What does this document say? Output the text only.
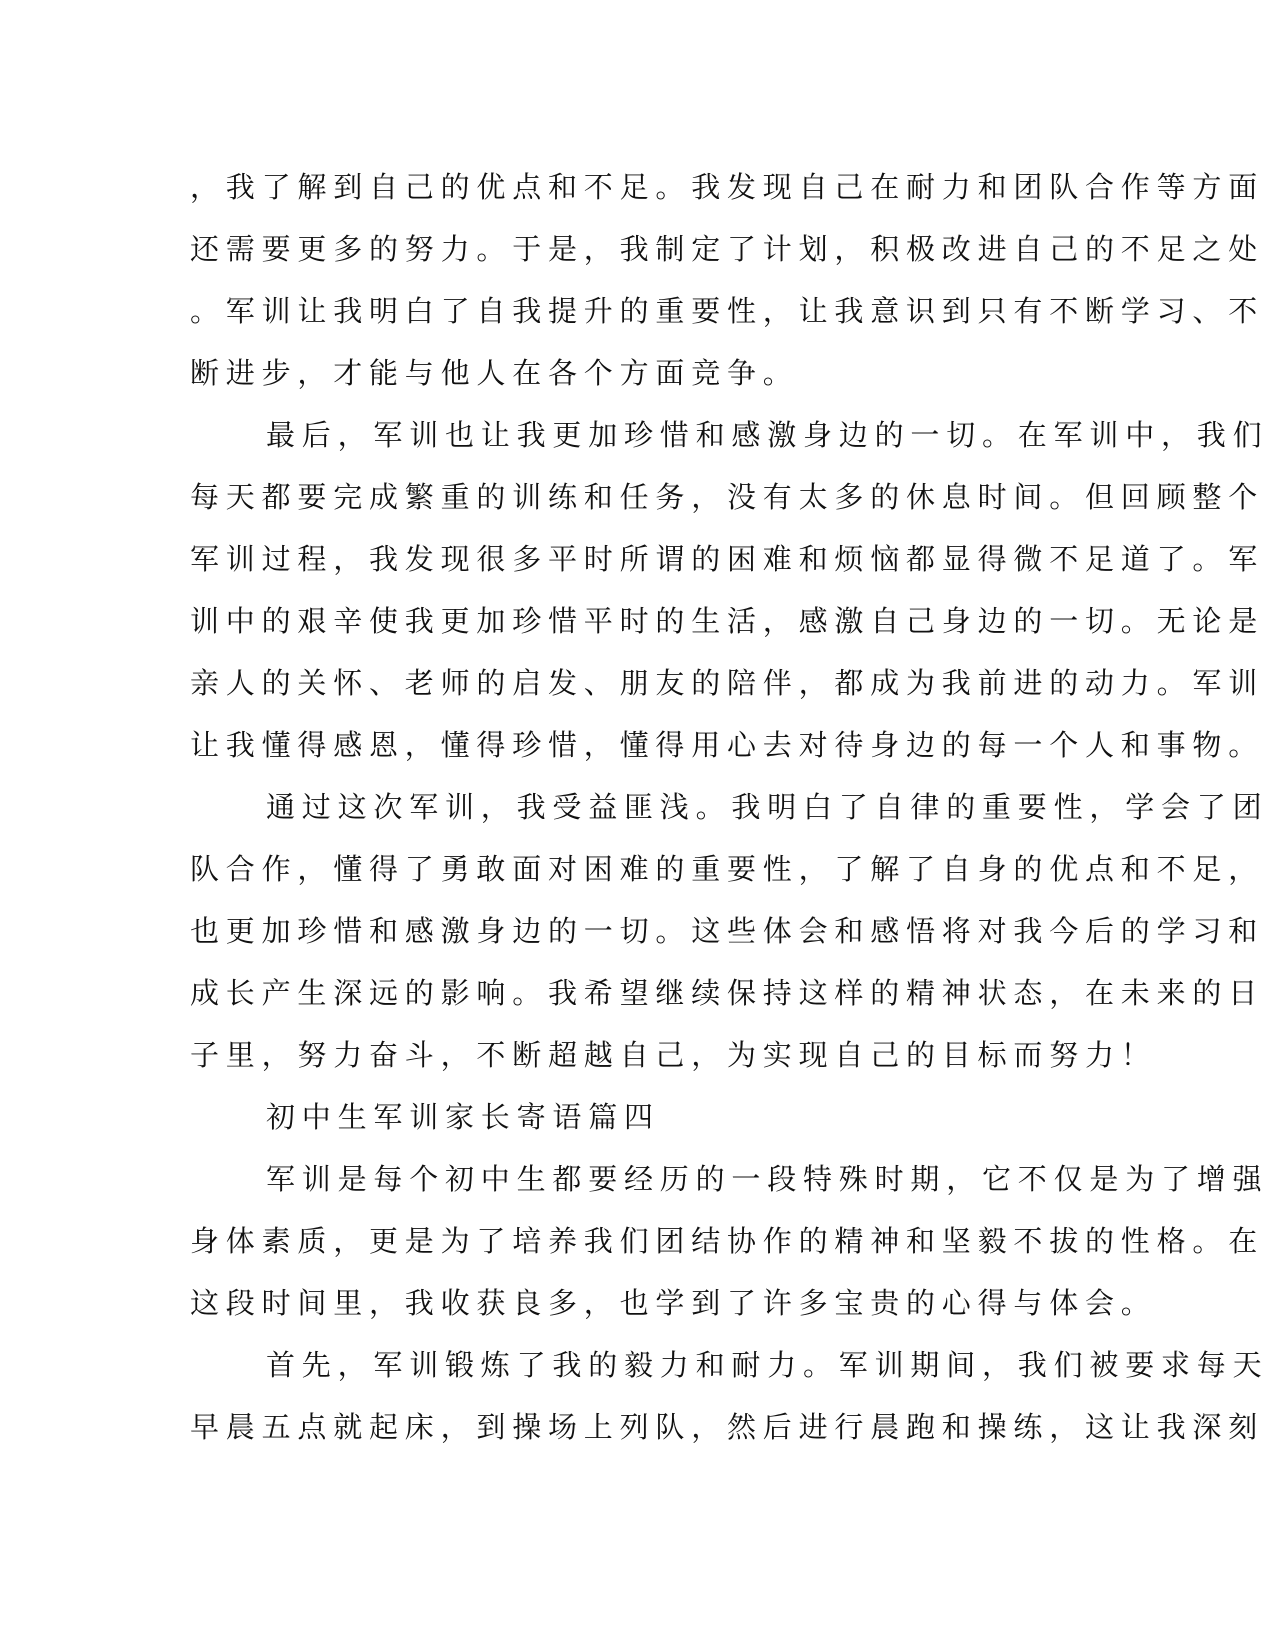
，我了解到自己的优点和不足。我发现自己在耐力和团队合作等方面
还需要更多的努力。于是，我制定了计划，积极改进自己的不足之处
。军训让我明白了自我提升的重要性，让我意识到只有不断学习、不
断进步，才能与他人在各个方面竞争。
最后，军训也让我更加珍惜和感激身边的一切。在军训中，我们
每天都要完成繁重的训练和任务，没有太多的休息时间。但回顾整个
军训过程，我发现很多平时所谓的困难和烦恼都显得微不足道了。军
训中的艰辛使我更加珍惜平时的生活，感激自己身边的一切。无论是
亲人的关怀、老师的启发、朋友的陪伴，都成为我前进的动力。军训
让我懂得感恩，懂得珍惜，懂得用心去对待身边的每一个人和事物。
通过这次军训，我受益匪浅。我明白了自律的重要性，学会了团
队合作，懂得了勇敢面对困难的重要性，了解了自身的优点和不足，
也更加珍惜和感激身边的一切。这些体会和感悟将对我今后的学习和
成长产生深远的影响。我希望继续保持这样的精神状态，在未来的日
子里，努力奋斗，不断超越自己，为实现自己的目标而努力！
初中生军训家长寄语篇四
军训是每个初中生都要经历的一段特殊时期，它不仅是为了增强
身体素质，更是为了培养我们团结协作的精神和坚毅不拔的性格。在
这段时间里，我收获良多，也学到了许多宝贵的心得与体会。
首先，军训锻炼了我的毅力和耐力。军训期间，我们被要求每天
早晨五点就起床，到操场上列队，然后进行晨跑和操练，这让我深刻
